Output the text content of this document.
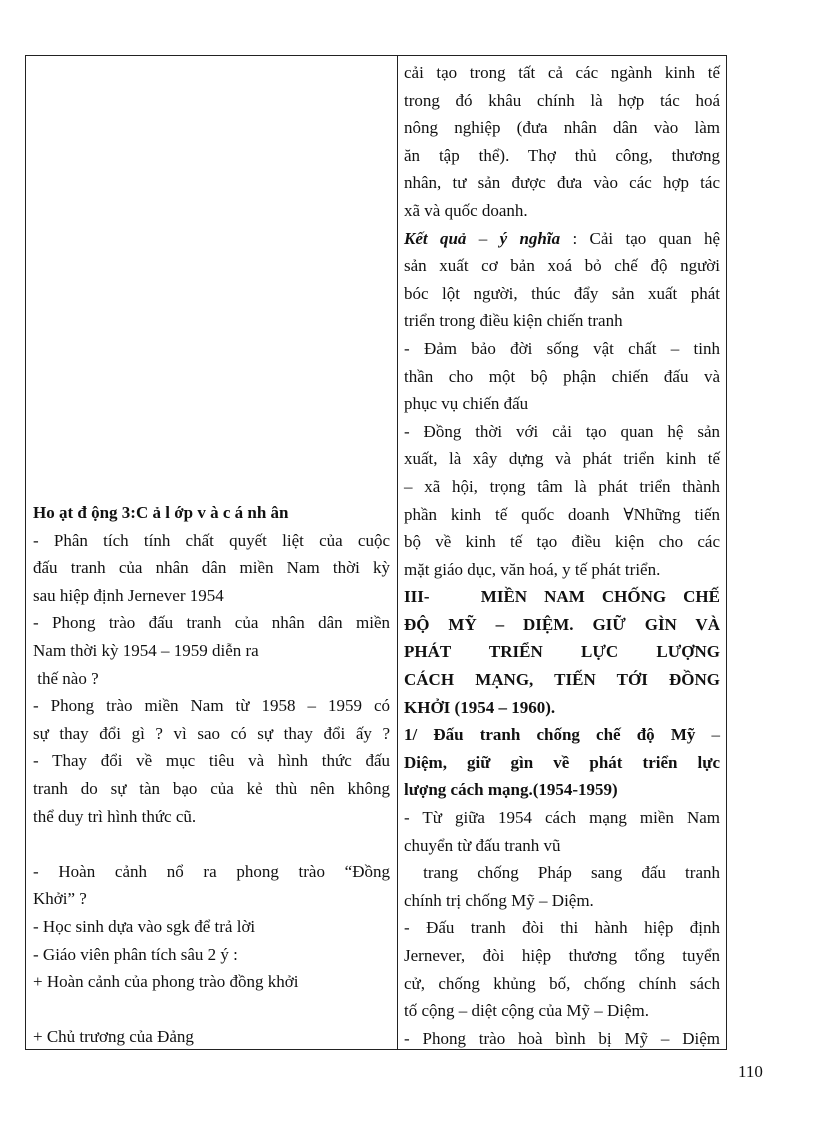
Ho ạt đ ộng 3:C ả l ớp v à c á nh ân
- Phân tích tính chất quyết liệt của cuộc
đấu tranh của nhân dân miền Nam thời kỳ
sau hiệp định Jernever 1954
- Phong trào đấu tranh của nhân dân miền
Nam thời kỳ 1954 – 1959 diễn ra
thế nào ?
- Phong trào miền Nam từ 1958 – 1959 có
sự thay đổi gì ? vì sao có sự thay đổi ấy ?
- Thay đổi về mục tiêu và hình thức đấu
tranh do sự tàn bạo của kẻ thù nên không
thể duy trì hình thức cũ.
- Hoàn cảnh nổ ra phong trào “Đồng
Khởi” ?
- Học sinh dựa vào sgk để trả lời
- Giáo viên phân tích sâu 2 ý :
+ Hoàn cảnh của phong trào đồng khởi
+ Chủ trương của Đảng
cải tạo trong tất cả các ngành kinh tế
trong đó khâu chính là hợp tác hoá
nông nghiệp (đưa nhân dân vào làm
ăn tập thể). Thợ thủ công, thương
nhân, tư sản được đưa vào các hợp tác
xã và quốc doanh.
Kết quả – ý nghĩa : Cải tạo quan hệ
sản xuất cơ bản xoá bỏ chế độ người
bóc lột người, thúc đẩy sản xuất phát
triển trong điều kiện chiến tranh
- Đảm bảo đời sống vật chất – tinh
thần cho một bộ phận chiến đấu và
phục vụ chiến đấu
- Đồng thời với cải tạo quan hệ sản
xuất, là xây dựng và phát triển kinh tế
– xã hội, trọng tâm là phát triển thành
phần kinh tế quốc doanh ∀Những tiến
bộ về kinh tế tạo điều kiện cho các
mặt giáo dục, văn hoá, y tế phát triển.
III-   MIỀN NAM CHỐNG CHẾ
ĐỘ MỸ – DIỆM. GIỮ GÌN VÀ
PHÁT   TRIỂN   LỰC   LƯỢNG
CÁCH MẠNG, TIẾN TỚI ĐỒNG
KHỞI (1954 – 1960).
1/ Đấu tranh chống chế độ Mỹ –
Diệm, giữ gìn về phát triển lực
lượng cách mạng.(1954-1959)
- Từ giữa 1954 cách mạng miền Nam
chuyển từ đấu tranh vũ
trang chống Pháp sang đấu tranh
chính trị chống Mỹ – Diệm.
- Đấu tranh đòi thi hành hiệp định
Jernever, đòi hiệp thương tổng tuyển
cử, chống khủng bố, chống chính sách
tố cộng – diệt cộng của Mỹ – Diệm.
- Phong trào hoà bình bị Mỹ – Diệm
110
